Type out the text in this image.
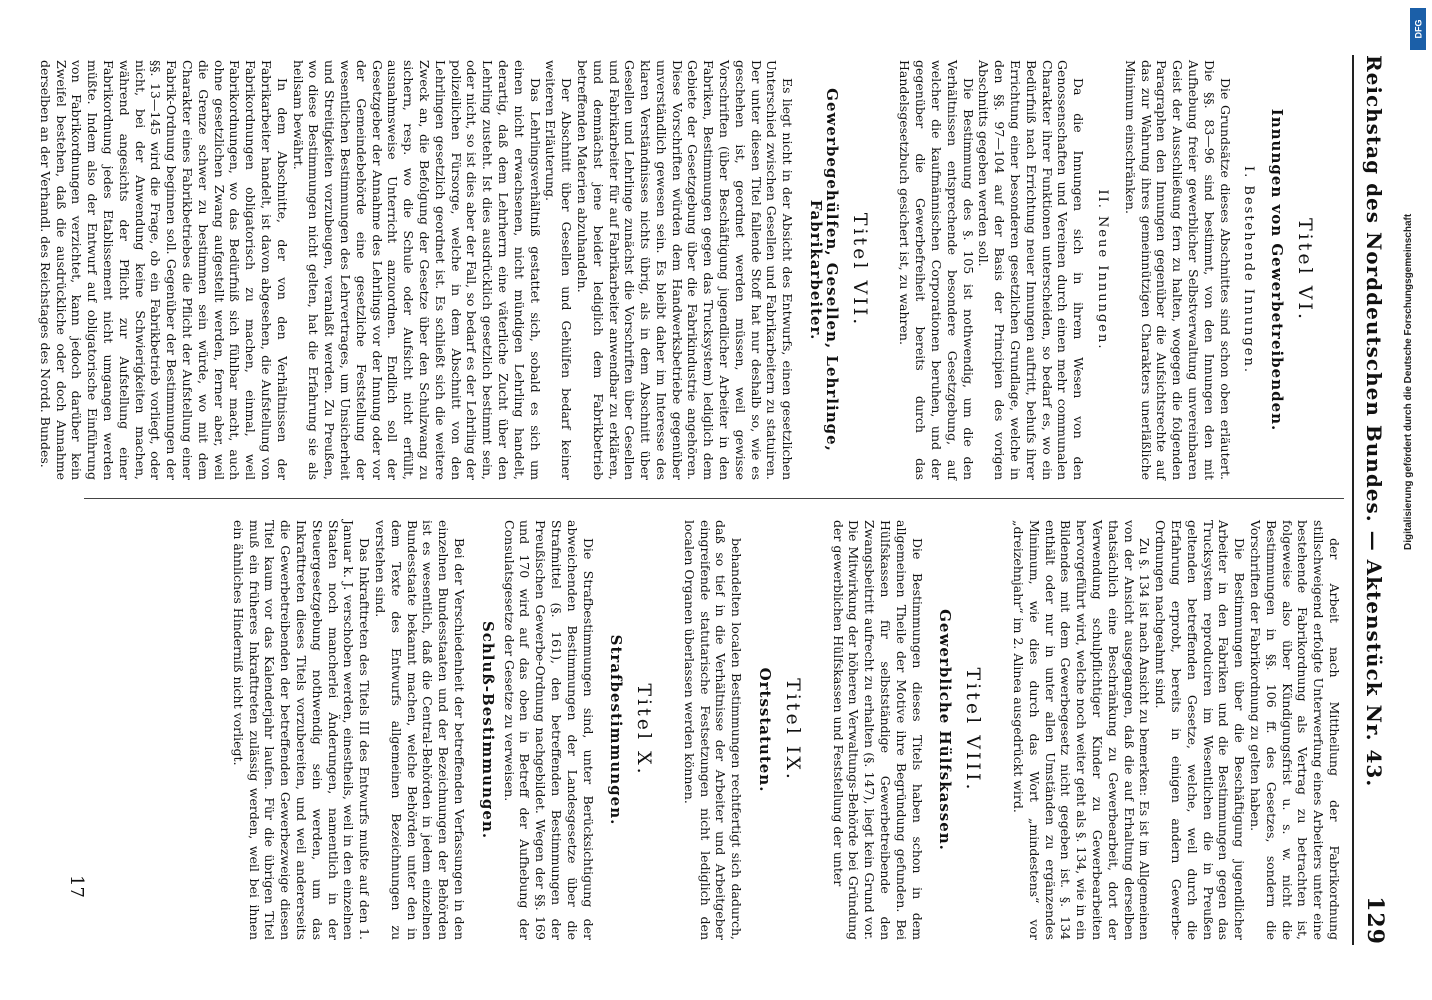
Reichstag des Norddeutschen Bundes. — Aktenstück Nr. 43.
129
Titel VI.
Innungen von Gewerbetreibenden.
I. Bestehende Innungen.

Die Grundsätze dieses Abschnittes sind schon oben erläutert. Die §§. 83—96 sind bestimmt, von den Innungen den mit Aufhebung freier gewerblicher Selbstverwaltung unvereinbaren Geist der Ausschließung fern zu halten, wogegen die folgenden Paragraphen den Innungen gegenüber die Aufsichtsrechte auf das zur Wahrung ihres gemeinnützigen Charakters unerläßliche Minimum einschränken.

II. Neue Innungen.

Da die Innungen sich in ihrem Wesen von den Genossenschaften und Vereinen durch einen mehr communalen Charakter ihrer Funktionen unterscheiden, so bedarf es, wo ein Bedürfniß nach Errichtung neuer Innungen auftritt, behufs ihrer Errichtung einer besonderen gesetzlichen Grundlage, welche in den §§. 97—104 auf der Basis der Principien des vorigen Abschnitts gegeben werden soll.

Die Bestimmung des §. 105 ist nothwendig, um die den Verhältnissen entsprechende besondere Gesetzgebung, auf welcher die kaufmännischen Corporationen beruhen, und der gegenüber die Gewerbefreiheit bereits durch das Handelsgesetzbuch gesichert ist, zu wahren.

Titel VII.
Gewerbegehülfen, Gesellen, Lehrlinge, Fabrikarbeiter.

Es liegt nicht in der Absicht des Entwurfs, einen gesetzlichen Unterschied zwischen Gesellen und Fabrikarbeitern zu statuiren. Der unter diesen Titel fallende Stoff hat nur deshalb so, wie es geschehen ist, geordnet werden müssen, weil gewisse Vorschriften (über Beschäftigung jugendlicher Arbeiter in den Fabriken, Bestimmungen gegen das Trucksystem) lediglich dem Gebiete der Gesetzgebung über die Fabrikindustrie angehören. Diese Vorschriften würden dem Handwerksbetriebe gegenüber unverständlich gewesen sein. Es bleibt daher im Interesse des klaren Verständnisses nichts übrig, als in dem Abschnitt über Gesellen und Lehrlinge zunächst die Vorschriften über Gesellen und Fabrikarbeiter für auf Fabrikarbeiter anwendbar zu erklären, und demnächst jene beider lediglich dem Fabrikbetrieb betreffenden Materien abzuhandeln.

Der Abschnitt über Gesellen und Gehülfen bedarf keiner weiteren Erläuterung.

Das Lehrlingsverhältniß gestattet sich, sobald es sich um einen nicht erwachsenen, nicht mündigen Lehrling handelt, derartig, daß dem Lehrherrn eine väterliche Zucht über den Lehrling zusteht. Ist dies ausdrücklich gesetzlich bestimmt sein, oder nicht, so ist dies aber der Fall, so bedarf es der Lehrling der polizeilichen Fürsorge, welche in dem Abschnitt von den Lehrlingen gesetzlich geordnet ist. Es schließt sich die weitere Zweck an, die Befolgung der Gesetze über den Schulzwang zu sichern, resp. wo die Schule oder Aufsicht nicht erfüllt, ausnahmsweise Unterricht anzuordnen. Endlich soll der Gesetzgeber der Annahme des Lehrlings vor der Innung oder vor der Gemeindebehörde eine gesetzliche Feststellung der wesentlichen Bestimmungen des Lehrvertrages, um Unsicherheit und Streitigkeiten vorzubeugen, veranlaßt werden. Zu Preußen, wo diese Bestimmungen nicht gelten, hat die Erfahrung sie als heilsam bewährt.

In dem Abschnitte, der von den Verhältnissen der Fabrikarbeiter handelt, ist davon abgesehen, die Aufstellung von Fabrikordnungen obligatorisch zu machen, einmal, weil Fabrikordnungen, wo das Bedürfniß sich fühlbar macht, auch ohne gesetzlichen Zwang aufgestellt werden, ferner aber, weil die Grenze schwer zu bestimmen sein würde, wo mit dem Charakter eines Fabrikbetriebes die Pflicht der Aufstellung einer Fabrik-Ordnung beginnen soll. Gegenüber der Bestimmungen der §§. 13—145 wird die Frage, ob ein Fabrikbetrieb vorliegt, oder nicht, bei der Anwendung keine Schwierigkeiten machen, während angesichts der Pflicht zur Aufstellung einer Fabrikordnung jedes Etablissement nicht umgangen werden müßte. Indem also der Entwurf auf obligatorische Einführung von Fabrikordnungen verzichtet, kann jedoch darüber kein Zweifel bestehen, daß die ausdrückliche oder doch Annahme derselben an der Verhandl. des Reichstages des Nordd. Bundes.

der Arbeit nach Mittheilung der Fabrikordnung stillschweigend erfolgte Unterwerfung eines Arbeiters unter eine bestehende Fabrikordnung als Vertrag zu betrachten ist, folgeweise also über Kündigungsfrist u. s. w. nicht die Bestimmungen in §§. 106 ff. des Gesetzes, sondern die Vorschriften der Fabrikordnung zu gelten haben.

Die Bestimmungen über die Beschäftigung jugendlicher Arbeiter in den Fabriken und die Bestimmungen gegen das Trucksystem reproduciren im Wesentlichen die in Preußen geltenden betreffenden Gesetze, welche, weil durch die Erfahrung erprobt, bereits in einigen andern Gewerbe-Ordnungen nachgeahmt sind.

Zu §. 134 ist nach Ansicht zu bemerken: Es ist im Allgemeinen von der Ansicht ausgegangen, daß die auf Erhaltung derselben thatsächlich eine Beschränkung zu Gewerbearbeit, dort der Verwendung schulpflichtiger Kinder zu Gewerbearbeiten hervorgeführt wird, welche noch weiter geht als §. 134, wie in ein Bildendes mit dem Gewerbegesetz nicht gegeben ist. §. 134 enthält oder nur in unter allen Umständen zu ergänzendes Minimum, wie dies durch das Wort „mindestens“ vor „dreizehnjahr“ im 2. Alinea ausgedrückt wird.

Titel VIII.
Gewerbliche Hülfskassen.

Die Bestimmungen dieses Titels haben schon in dem allgemeinen Theile der Motive ihre Begründung gefunden. Bei Hülfskassen für selbstständige Gewerbetreibende den Zwangsbeitritt aufrecht zu erhalten (§. 147), liegt kein Grund vor. Die Mitwirkung der höheren Verwaltungs-Behörde bei Gründung der gewerblichen Hülfskassen und Feststellung der unter

Titel IX.
Ortsstatuten.

behandelten localen Bestimmungen rechtfertigt sich dadurch, daß so tief in die Verhältnisse der Arbeiter und Arbeitgeber eingreifende statutarische Festsetzungen nicht lediglich den localen Organen überlassen werden können.

Titel X.
Strafbestimmungen.

Die Strafbestimmungen sind, unter Berücksichtigung der abweichenden Bestimmungen der Landesgesetze über die Strafmittel (§. 161), den betreffenden Bestimmungen der Preußischen Gewerbe-Ordnung nachgebildet. Wegen der §§. 169 und 170 wird auf das oben in Betreff der Aufhebung der Consulatsgesetze der Gesetze zu verweisen.

Schluß-Bestimmungen.

Bei der Verschiedenheit der betreffenden Verfassungen in den einzelnen Bundesstaaten und der Bezeichnungen der Behörden ist es wesentlich, daß die Central-Behörden in jedem einzelnen Bundesstaate bekannt machen, welche Behörden unter den in dem Texte des Entwurfs allgemeinen Bezeichnungen zu verstehen sind.

Das Inkrafttreten des Titels III des Entwurfs mußte auf den 1. Januar k. J. verschoben werden, einestheils, weil in den einzelnen Staaten noch mancherlei Änderungen, namentlich in der Steuergesetzgebung nothwendig sein werden, um das Inkrafttreten dieses Titels vorzubereiten, und weil andererseits die Gewerbetreibenden der betreffenden Gewerbezweige diesen Titel kaum vor das Kalenderjahr laufen. Für die übrigen Titel muß ein früheres Inkrafttreten zulässig werden, weil bei ihnen ein ähnliches Hinderniß nicht vorliegt.

17
DFG
Digitalisierung gefördert durch die Deutsche Forschungsgemeinschaft
